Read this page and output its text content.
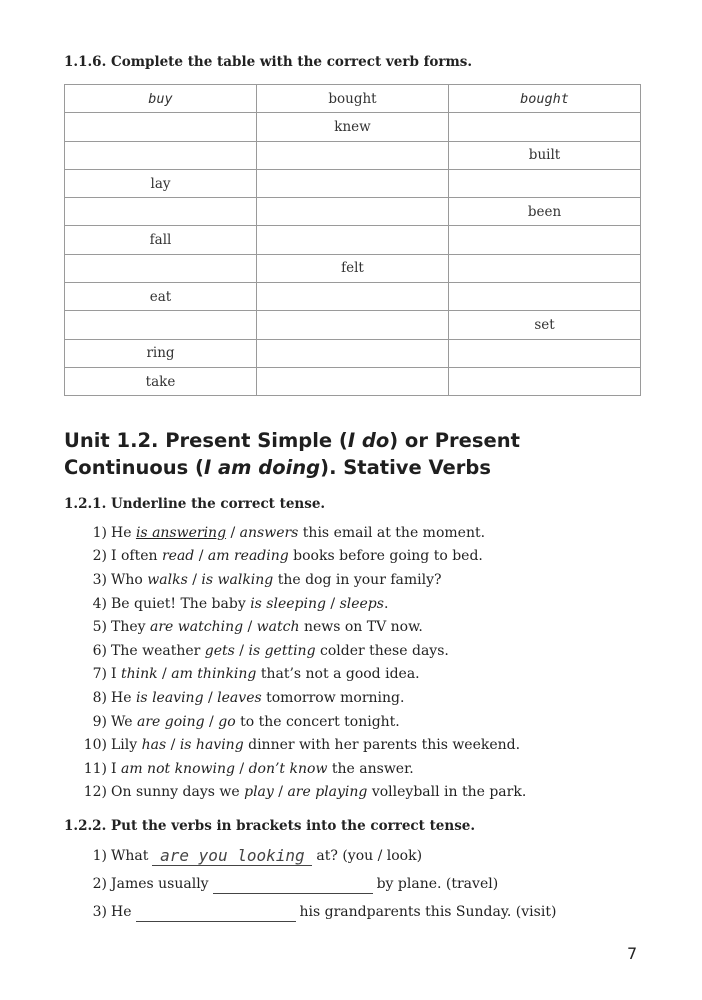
1.1.6. Complete the table with the correct verb forms.
buy	bought	bought
	knew	
		built
lay		
		been
fall		
	felt	
eat		
		set
ring		
take		
Unit 1.2. Present Simple (I do) or Present
Continuous (I am doing). Stative Verbs
1.2.1. Underline the correct tense.
1) He is answering / answers this email at the moment.
2) I often read / am reading books before going to bed.
3) Who walks / is walking the dog in your family?
4) Be quiet! The baby is sleeping / sleeps .
5) They are watching / watch news on TV now.
6) The weather gets / is getting colder these days.
7) I think / am thinking that’s not a good idea.
8) He is leaving / leaves tomorrow morning.
9) We are going / go to the concert tonight.
10) Lily has / is having dinner with her parents this weekend.
11) I am not knowing / don’t know the answer.
12) On sunny days we play / are playing volleyball in the park.
1.2.2. Put the verbs in brackets into the correct tense.
1) What are you looking at? (you / look)
2) James usually	by plane. (travel)
3) He	his grandparents this Sunday. (visit)
7
